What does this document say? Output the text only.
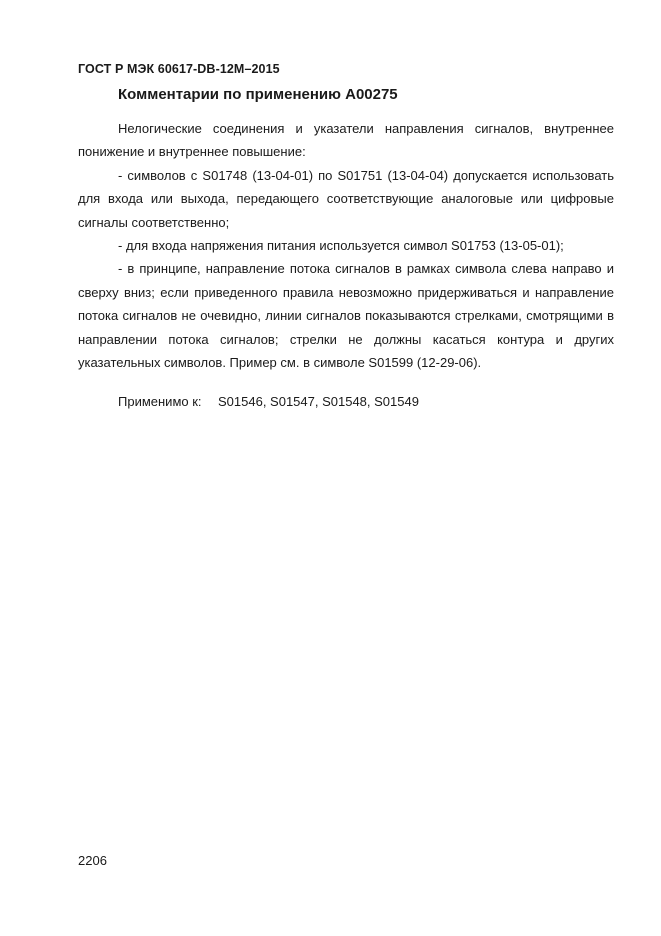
ГОСТ Р МЭК 60617-DB-12M–2015
Комментарии по применению A00275

Нелогические соединения и указатели направления сигналов, внутреннее понижение и внутреннее повышение:

- символов с S01748 (13-04-01) по S01751 (13-04-04) допускается использовать для входа или выхода, передающего соответствующие аналоговые или цифровые сигналы соответственно;

- для входа напряжения питания используется символ S01753 (13-05-01);

- в принципе, направление потока сигналов в рамках символа слева направо и сверху вниз; если приведенного правила невозможно придерживаться и направление потока сигналов не очевидно, линии сигналов показываются стрелками, смотрящими в направлении потока сигналов; стрелки не должны касаться контура и других указательных символов. Пример см. в символе S01599 (12-29-06).

Применимо к: S01546, S01547, S01548, S01549
2206
